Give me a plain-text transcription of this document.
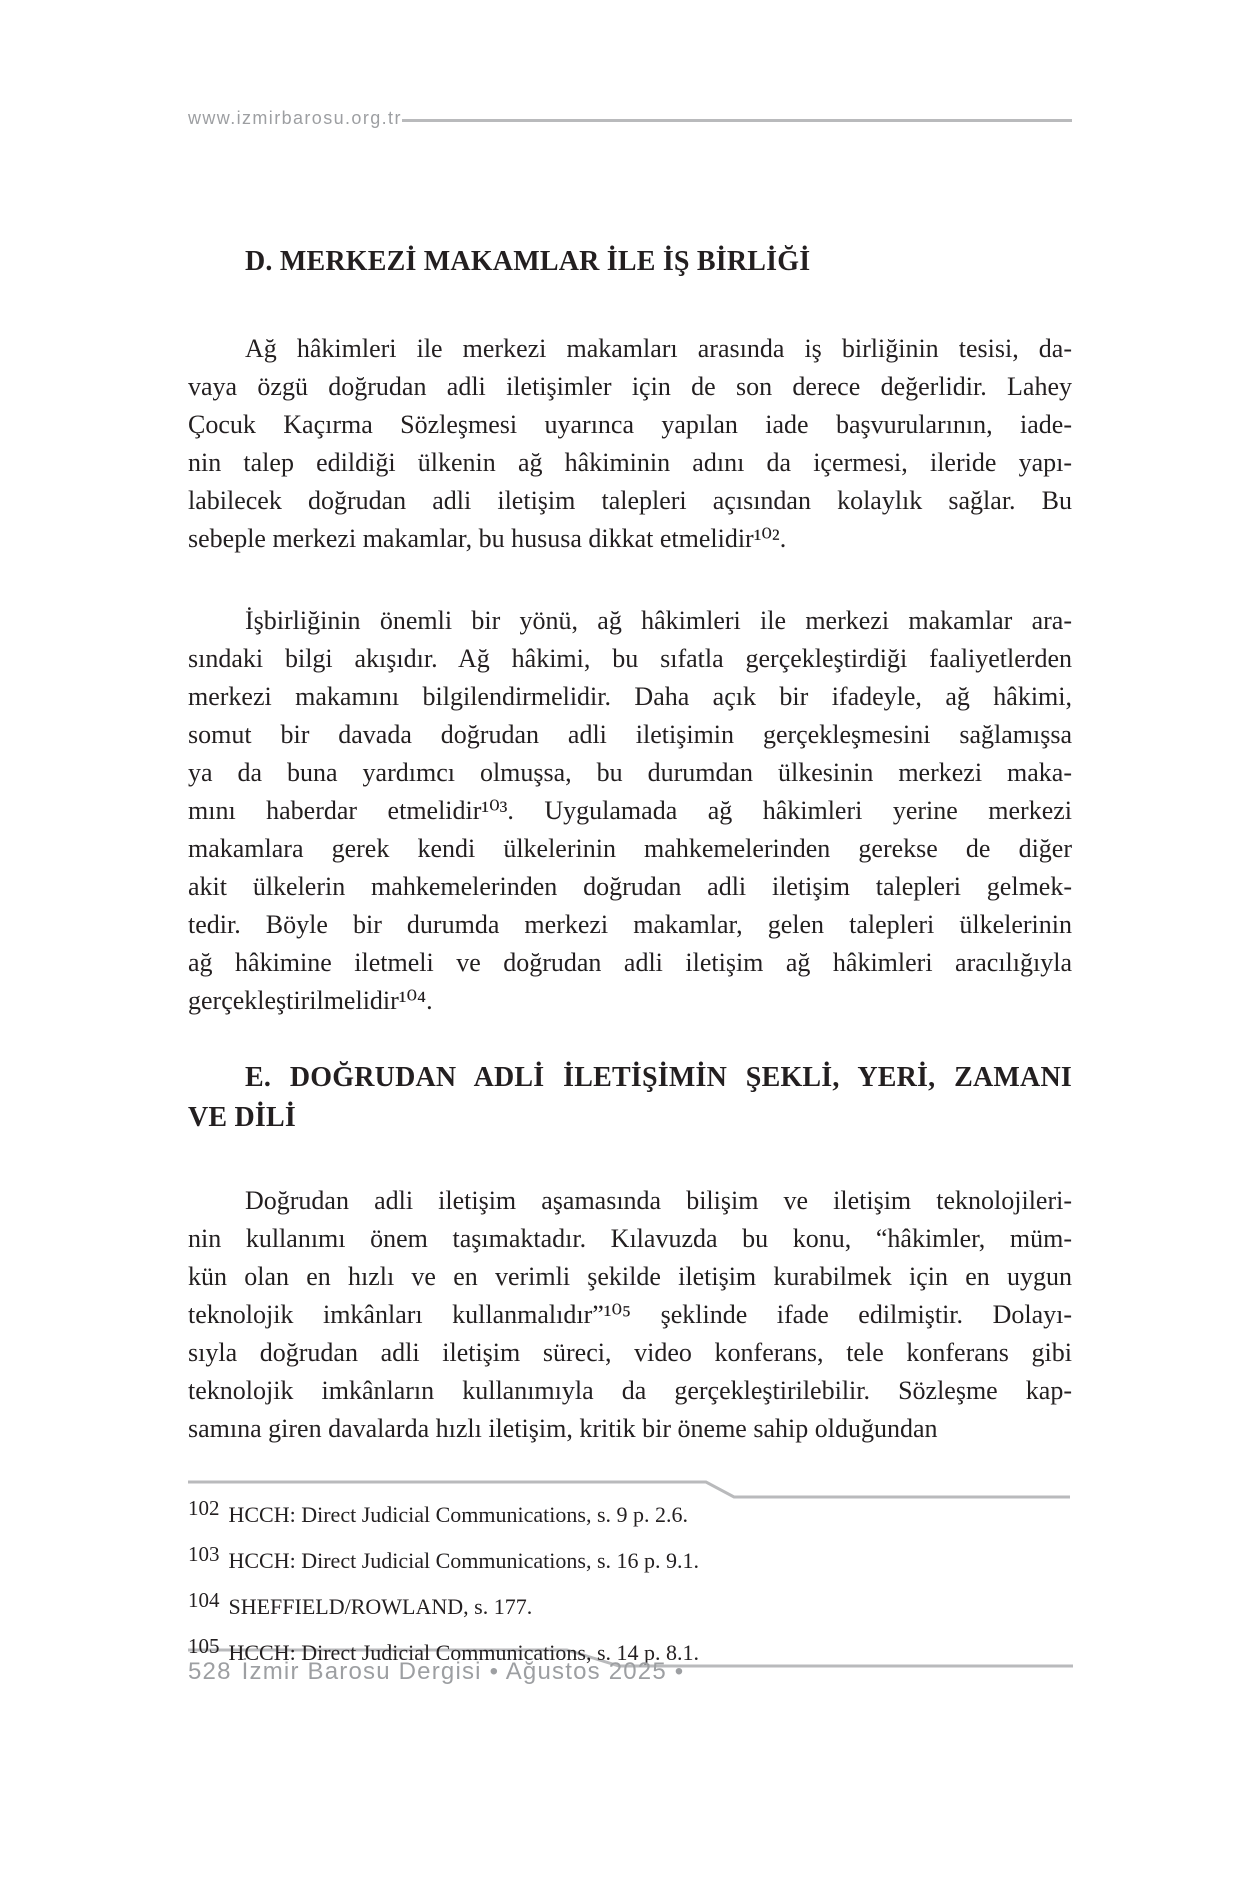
www.izmirbarosu.org.tr
D. MERKEZİ MAKAMLAR İLE İŞ BİRLİĞİ

Ağ hâkimleri ile merkezi makamları arasında iş birliğinin tesisi, da-
vaya özgü doğrudan adli iletişimler için de son derece değerlidir. Lahey
Çocuk Kaçırma Sözleşmesi uyarınca yapılan iade başvurularının, iade-
nin talep edildiği ülkenin ağ hâkiminin adını da içermesi, ileride yapı-
labilecek doğrudan adli iletişim talepleri açısından kolaylık sağlar. Bu
sebeple merkezi makamlar, bu hususa dikkat etmelidir¹⁰².

İşbirliğinin önemli bir yönü, ağ hâkimleri ile merkezi makamlar ara-
sındaki bilgi akışıdır. Ağ hâkimi, bu sıfatla gerçekleştirdiği faaliyetlerden
merkezi makamını bilgilendirmelidir. Daha açık bir ifadeyle, ağ hâkimi,
somut bir davada doğrudan adli iletişimin gerçekleşmesini sağlamışsa
ya da buna yardımcı olmuşsa, bu durumdan ülkesinin merkezi maka-
mını haberdar etmelidir¹⁰³. Uygulamada ağ hâkimleri yerine merkezi
makamlara gerek kendi ülkelerinin mahkemelerinden gerekse de diğer
akit ülkelerin mahkemelerinden doğrudan adli iletişim talepleri gelmek-
tedir. Böyle bir durumda merkezi makamlar, gelen talepleri ülkelerinin
ağ hâkimine iletmeli ve doğrudan adli iletişim ağ hâkimleri aracılığıyla
gerçekleştirilmelidir¹⁰⁴.

E. DOĞRUDAN ADLİ İLETİŞİMİN ŞEKLİ, YERİ, ZAMANI
VE DİLİ

Doğrudan adli iletişim aşamasında bilişim ve iletişim teknolojileri-
nin kullanımı önem taşımaktadır. Kılavuzda bu konu, “hâkimler, müm-
kün olan en hızlı ve en verimli şekilde iletişim kurabilmek için en uygun
teknolojik imkânları kullanmalıdır”¹⁰⁵ şeklinde ifade edilmiştir. Dolayı-
sıyla doğrudan adli iletişim süreci, video konferans, tele konferans gibi
teknolojik imkânların kullanımıyla da gerçekleştirilebilir. Sözleşme kap-
samına giren davalarda hızlı iletişim, kritik bir öneme sahip olduğundan

102 HCCH: Direct Judicial Communications, s. 9 p. 2.6.
103 HCCH: Direct Judicial Communications, s. 16 p. 9.1.
104 SHEFFIELD/ROWLAND, s. 177.
105 HCCH: Direct Judicial Communications, s. 14 p. 8.1.
528 İzmir Barosu Dergisi • Ağustos 2025 •
